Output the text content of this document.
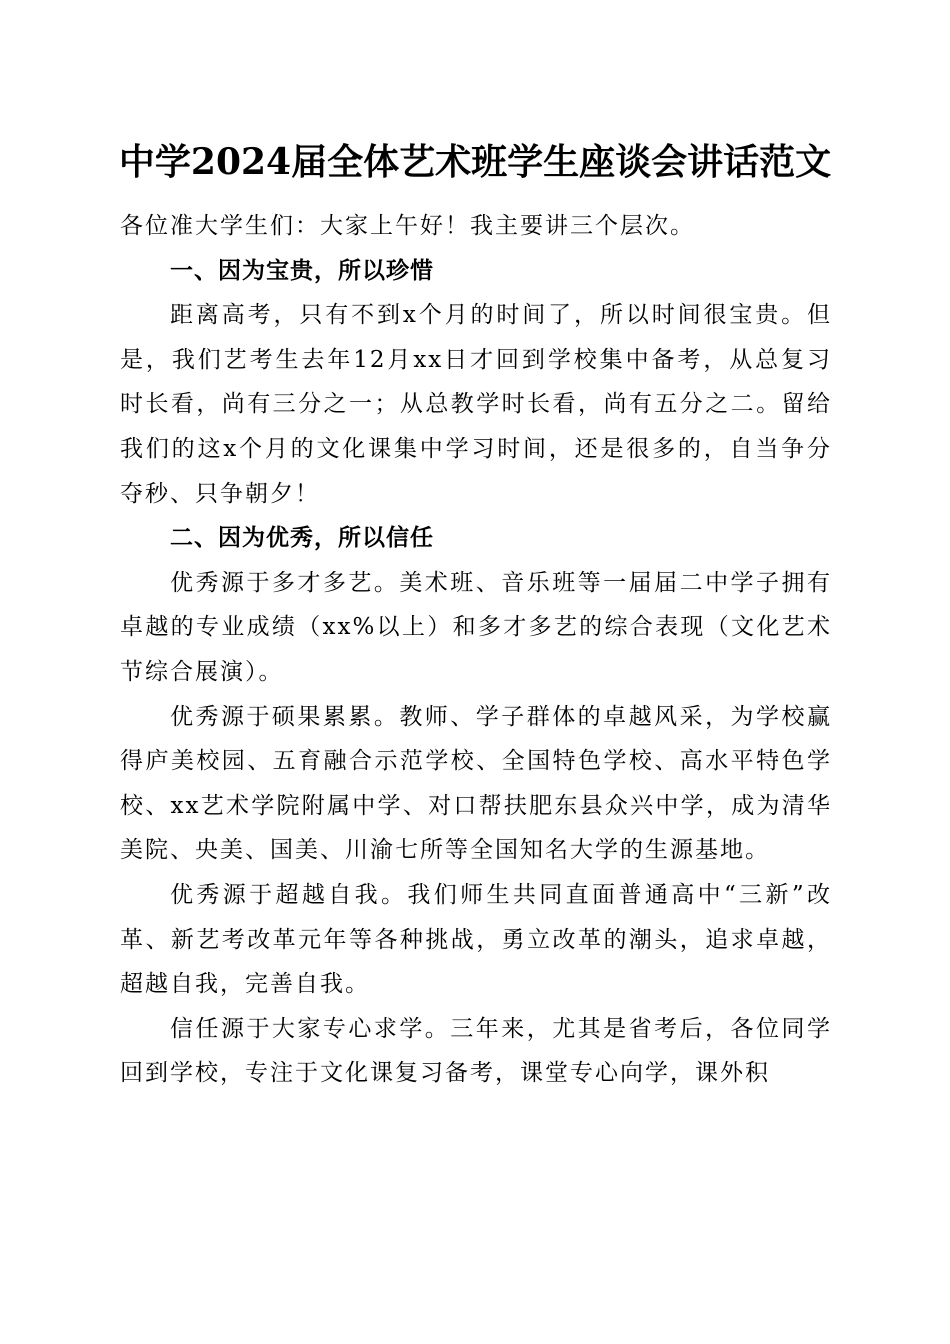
中学2024届全体艺术班学生座谈会讲话范文

各位准大学生们：大家上午好！我主要讲三个层次。

一、因为宝贵，所以珍惜

距离高考，只有不到x个月的时间了，所以时间很宝贵。但是，我们艺考生去年12月xx日才回到学校集中备考，从总复习时长看，尚有三分之一；从总教学时长看，尚有五分之二。留给我们的这x个月的文化课集中学习时间，还是很多的，自当争分夺秒、只争朝夕！

二、因为优秀，所以信任

优秀源于多才多艺。美术班、音乐班等一届届二中学子拥有卓越的专业成绩（xx%以上）和多才多艺的综合表现（文化艺术节综合展演）。

优秀源于硕果累累。教师、学子群体的卓越风采，为学校赢得庐美校园、五育融合示范学校、全国特色学校、高水平特色学校、xx艺术学院附属中学、对口帮扶肥东县众兴中学，成为清华美院、央美、国美、川渝七所等全国知名大学的生源基地。

优秀源于超越自我。我们师生共同直面普通高中“三新”改革、新艺考改革元年等各种挑战，勇立改革的潮头，追求卓越，超越自我，完善自我。

信任源于大家专心求学。三年来，尤其是省考后，各位同学回到学校，专注于文化课复习备考，课堂专心向学，课外积
